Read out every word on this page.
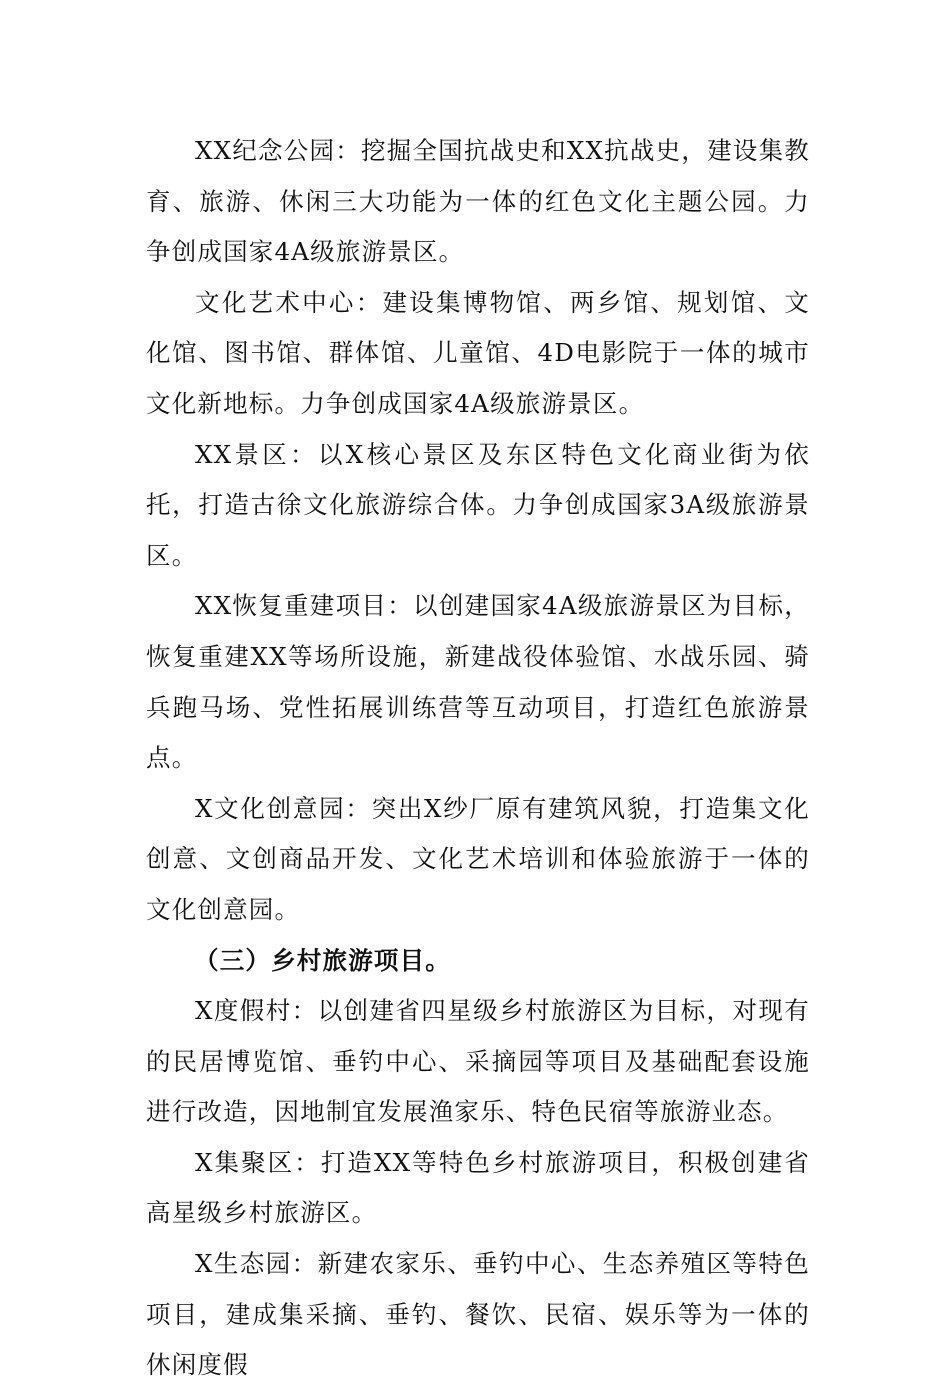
XX纪念公园：挖掘全国抗战史和XX抗战史，建设集教育、旅游、休闲三大功能为一体的红色文化主题公园。力争创成国家4A级旅游景区。

文化艺术中心：建设集博物馆、两乡馆、规划馆、文化馆、图书馆、群体馆、儿童馆、4D电影院于一体的城市文化新地标。力争创成国家4A级旅游景区。

XX景区：以X核心景区及东区特色文化商业街为依托，打造古徐文化旅游综合体。力争创成国家3A级旅游景区。

XX恢复重建项目：以创建国家4A级旅游景区为目标，恢复重建XX等场所设施，新建战役体验馆、水战乐园、骑兵跑马场、党性拓展训练营等互动项目，打造红色旅游景点。

X文化创意园：突出X纱厂原有建筑风貌，打造集文化创意、文创商品开发、文化艺术培训和体验旅游于一体的文化创意园。

（三）乡村旅游项目。

X度假村：以创建省四星级乡村旅游区为目标，对现有的民居博览馆、垂钓中心、采摘园等项目及基础配套设施进行改造，因地制宜发展渔家乐、特色民宿等旅游业态。

X集聚区：打造XX等特色乡村旅游项目，积极创建省高星级乡村旅游区。

X生态园：新建农家乐、垂钓中心、生态养殖区等特色项目，建成集采摘、垂钓、餐饮、民宿、娱乐等为一体的休闲度假
